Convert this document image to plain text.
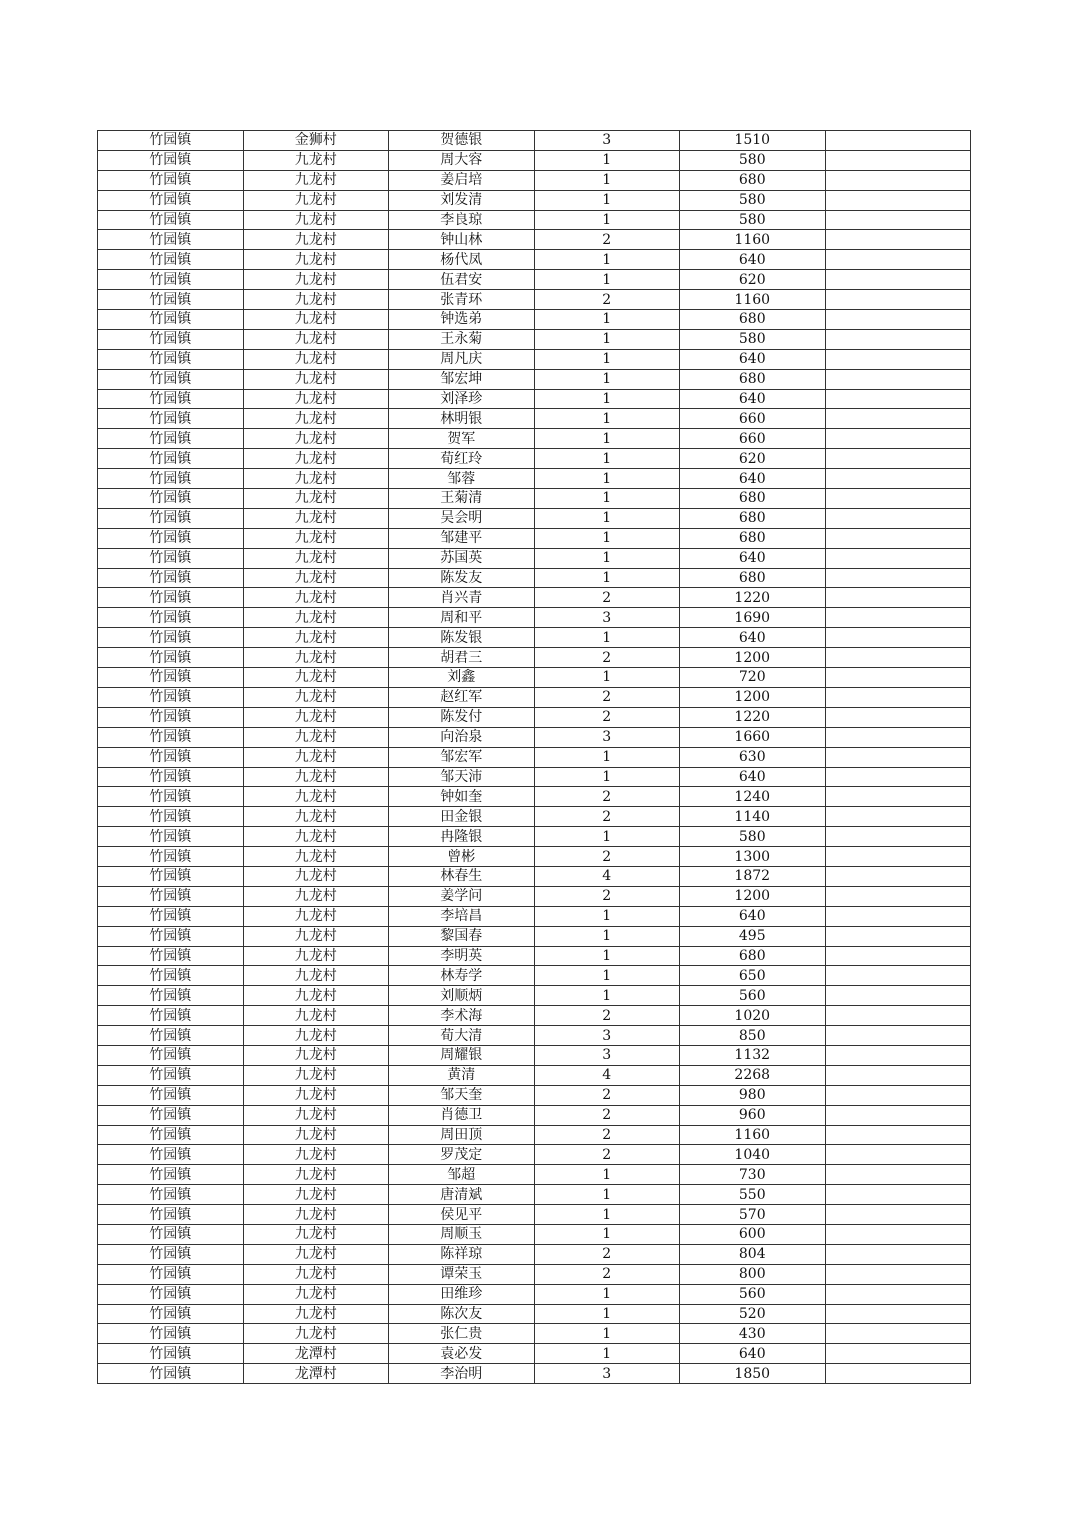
竹园镇	金狮村	贺德银	3	1510	
竹园镇	九龙村	周大容	1	580	
竹园镇	九龙村	姜启培	1	680	
竹园镇	九龙村	刘发清	1	580	
竹园镇	九龙村	李良琼	1	580	
竹园镇	九龙村	钟山林	2	1160	
竹园镇	九龙村	杨代凤	1	640	
竹园镇	九龙村	伍君安	1	620	
竹园镇	九龙村	张青环	2	1160	
竹园镇	九龙村	钟选弟	1	680	
竹园镇	九龙村	王永菊	1	580	
竹园镇	九龙村	周凡庆	1	640	
竹园镇	九龙村	邹宏坤	1	680	
竹园镇	九龙村	刘泽珍	1	640	
竹园镇	九龙村	林明银	1	660	
竹园镇	九龙村	贺军	1	660	
竹园镇	九龙村	荀红玲	1	620	
竹园镇	九龙村	邹蓉	1	640	
竹园镇	九龙村	王菊清	1	680	
竹园镇	九龙村	吴会明	1	680	
竹园镇	九龙村	邹建平	1	680	
竹园镇	九龙村	苏国英	1	640	
竹园镇	九龙村	陈发友	1	680	
竹园镇	九龙村	肖兴青	2	1220	
竹园镇	九龙村	周和平	3	1690	
竹园镇	九龙村	陈发银	1	640	
竹园镇	九龙村	胡君三	2	1200	
竹园镇	九龙村	刘鑫	1	720	
竹园镇	九龙村	赵红军	2	1200	
竹园镇	九龙村	陈发付	2	1220	
竹园镇	九龙村	向治泉	3	1660	
竹园镇	九龙村	邹宏军	1	630	
竹园镇	九龙村	邹天沛	1	640	
竹园镇	九龙村	钟如奎	2	1240	
竹园镇	九龙村	田金银	2	1140	
竹园镇	九龙村	冉隆银	1	580	
竹园镇	九龙村	曾彬	2	1300	
竹园镇	九龙村	林春生	4	1872	
竹园镇	九龙村	姜学问	2	1200	
竹园镇	九龙村	李培昌	1	640	
竹园镇	九龙村	黎国春	1	495	
竹园镇	九龙村	李明英	1	680	
竹园镇	九龙村	林寿学	1	650	
竹园镇	九龙村	刘顺炳	1	560	
竹园镇	九龙村	李术海	2	1020	
竹园镇	九龙村	荀大清	3	850	
竹园镇	九龙村	周耀银	3	1132	
竹园镇	九龙村	黄清	4	2268	
竹园镇	九龙村	邹天奎	2	980	
竹园镇	九龙村	肖德卫	2	960	
竹园镇	九龙村	周田顶	2	1160	
竹园镇	九龙村	罗茂定	2	1040	
竹园镇	九龙村	邹超	1	730	
竹园镇	九龙村	唐清斌	1	550	
竹园镇	九龙村	侯见平	1	570	
竹园镇	九龙村	周顺玉	1	600	
竹园镇	九龙村	陈祥琼	2	804	
竹园镇	九龙村	谭荣玉	2	800	
竹园镇	九龙村	田维珍	1	560	
竹园镇	九龙村	陈次友	1	520	
竹园镇	九龙村	张仁贵	1	430	
竹园镇	龙潭村	袁必发	1	640	
竹园镇	龙潭村	李治明	3	1850	
